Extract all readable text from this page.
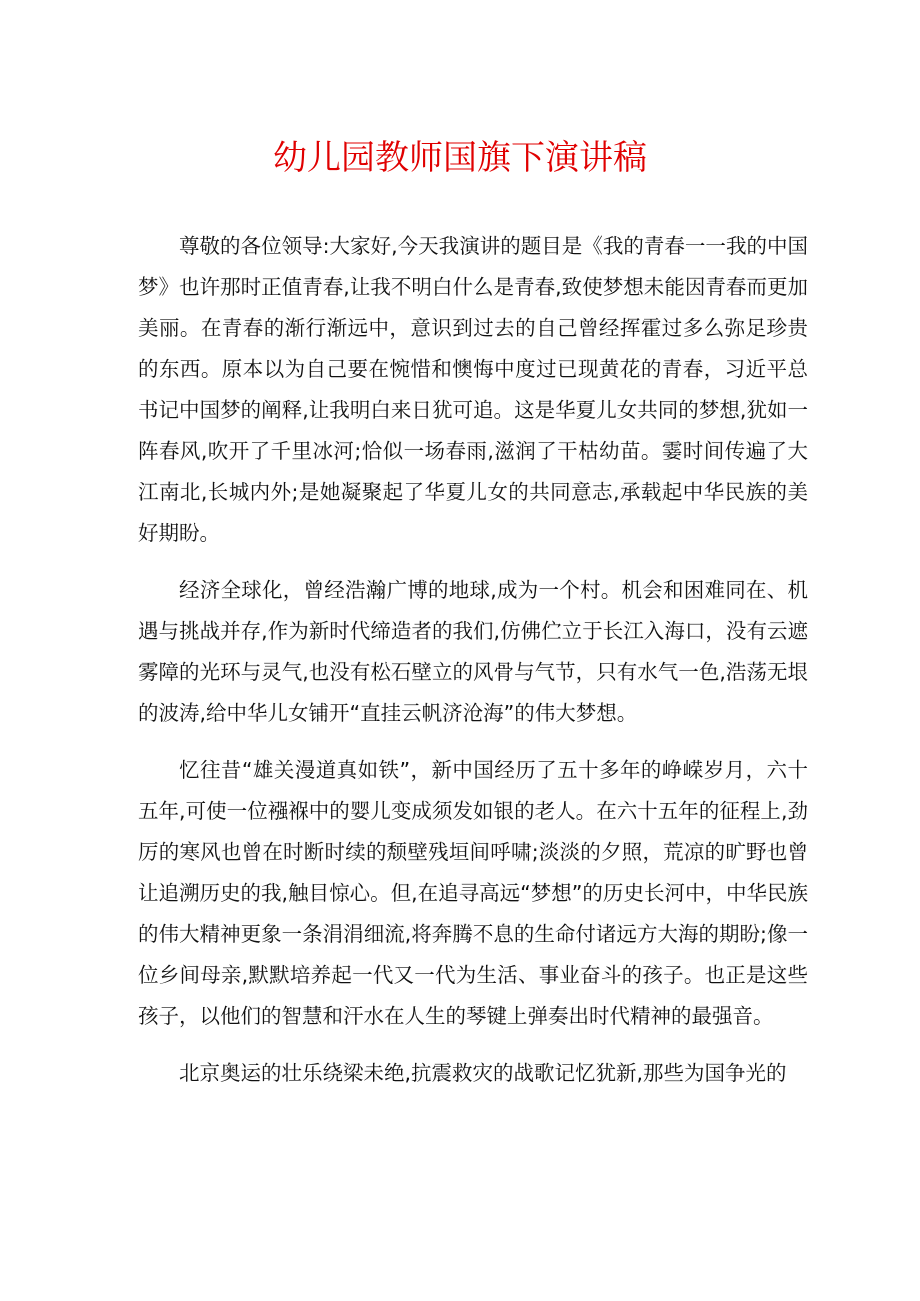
幼儿园教师国旗下演讲稿

尊敬的各位领导:大家好,今天我演讲的题目是《我的青春一一我的中国梦》也许那时正值青春,让我不明白什么是青春,致使梦想未能因青春而更加美丽。在青春的渐行渐远中，意识到过去的自己曾经挥霍过多么弥足珍贵的东西。原本以为自己要在惋惜和懊悔中度过已现黄花的青春，习近平总书记中国梦的阐释,让我明白来日犹可追。这是华夏儿女共同的梦想,犹如一阵春风,吹开了千里冰河;恰似一场春雨,滋润了干枯幼苗。霎时间传遍了大江南北,长城内外;是她凝聚起了华夏儿女的共同意志,承载起中华民族的美好期盼。

经济全球化，曾经浩瀚广博的地球,成为一个村。机会和困难同在、机遇与挑战并存,作为新时代缔造者的我们,仿佛伫立于长江入海口，没有云遮雾障的光环与灵气,也没有松石壁立的风骨与气节，只有水气一色,浩荡无垠的波涛,给中华儿女铺开“直挂云帆济沧海”的伟大梦想。

忆往昔“雄关漫道真如铁”，新中国经历了五十多年的峥嵘岁月，六十五年,可使一位襁褓中的婴儿变成须发如银的老人。在六十五年的征程上,劲厉的寒风也曾在时断时续的颓壁残垣间呼啸;淡淡的夕照，荒凉的旷野也曾让追溯历史的我,触目惊心。但,在追寻高远“梦想”的历史长河中，中华民族的伟大精神更象一条涓涓细流,将奔腾不息的生命付诸远方大海的期盼;像一位乡间母亲,默默培养起一代又一代为生活、事业奋斗的孩子。也正是这些孩子，以他们的智慧和汗水在人生的琴键上弹奏出时代精神的最强音。

北京奥运的壮乐绕梁未绝,抗震救灾的战歌记忆犹新,那些为国争光的
